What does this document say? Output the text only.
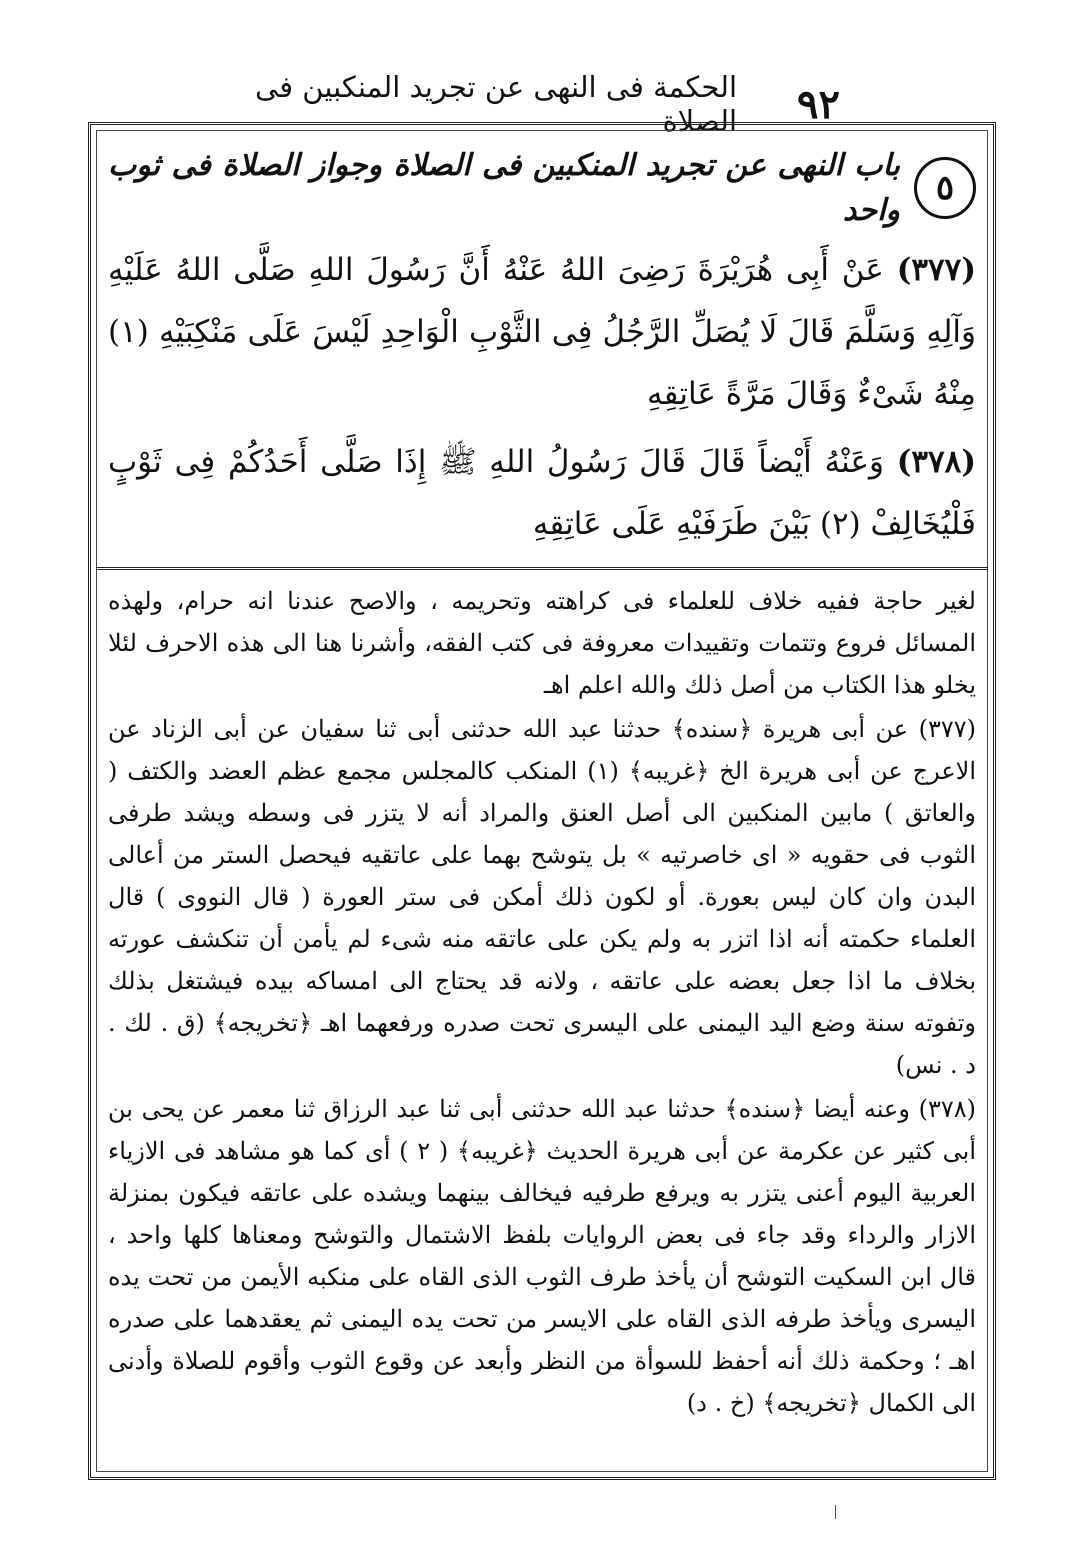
٩٢
الحكمة فى النهى عن تجريد المنكبين فى الصلاة
٥
باب النهى عن تجريد المنكبين فى الصلاة وجواز الصلاة فى ثوب واحد

(٣٧٧) عَنْ أَبِى هُرَيْرَةَ رَضِىَ اللهُ عَنْهُ أَنَّ رَسُولَ اللهِ صَلَّى اللهُ عَلَيْهِ وَآلِهِ وَسَلَّمَ قَالَ لَا يُصَلِّ الرَّجُلُ فِى الثَّوْبِ الْوَاحِدِ لَيْسَ عَلَى مَنْكِبَيْهِ (١) مِنْهُ شَىْءٌ وَقَالَ مَرَّةً عَاتِقِهِ

(٣٧٨) وَعَنْهُ أَيْضاً قَالَ قَالَ رَسُولُ اللهِ ﷺ إِذَا صَلَّى أَحَدُكُمْ فِى ثَوْبٍ فَلْيُخَالِفْ (٢) بَيْنَ طَرَفَيْهِ عَلَى عَاتِقِهِ

لغير حاجة ففيه خلاف للعلماء فى كراهته وتحريمه ، والاصح عندنا انه حرام، ولهذه المسائل فروع وتتمات وتقييدات معروفة فى كتب الفقه، وأشرنا هنا الى هذه الاحرف لئلا يخلو هذا الكتاب من أصل ذلك والله اعلم اهـ

(٣٧٧) عن أبى هريرة ﴿سنده﴾ حدثنا عبد الله حدثنى أبى ثنا سفيان عن أبى الزناد عن الاعرج عن أبى هريرة الخ ﴿غريبه﴾ (١) المنكب كالمجلس مجمع عظم العضد والكتف ( والعاتق ) مابين المنكبين الى أصل العنق والمراد أنه لا يتزر فى وسطه ويشد طرفى الثوب فى حقويه « اى خاصرتيه » بل يتوشح بهما على عاتقيه فيحصل الستر من أعالى البدن وان كان ليس بعورة. أو لكون ذلك أمكن فى ستر العورة ( قال النووى ) قال العلماء حكمته أنه اذا اتزر به ولم يكن على عاتقه منه شىء لم يأمن أن تنكشف عورته بخلاف ما اذا جعل بعضه على عاتقه ، ولانه قد يحتاج الى امساكه بيده فيشتغل بذلك وتفوته سنة وضع اليد اليمنى على اليسرى تحت صدره ورفعهما اهـ ﴿تخريجه﴾ (ق . لك . د . نس)

(٣٧٨) وعنه أيضا ﴿سنده﴾ حدثنا عبد الله حدثنى أبى ثنا عبد الرزاق ثنا معمر عن يحى بن أبى كثير عن عكرمة عن أبى هريرة الحديث ﴿غريبه﴾ ( ٢ ) أى كما هو مشاهد فى الازياء العربية اليوم أعنى يتزر به ويرفع طرفيه فيخالف بينهما ويشده على عاتقه فيكون بمنزلة الازار والرداء وقد جاء فى بعض الروايات بلفظ الاشتمال والتوشح ومعناها كلها واحد ، قال ابن السكيت التوشح أن يأخذ طرف الثوب الذى القاه على منكبه الأيمن من تحت يده اليسرى ويأخذ طرفه الذى القاه على الايسر من تحت يده اليمنى ثم يعقدهما على صدره اهـ ؛ وحكمة ذلك أنه أحفظ للسوأة من النظر وأبعد عن وقوع الثوب وأقوم للصلاة وأدنى الى الكمال ﴿تخريجه﴾ (خ . د)
